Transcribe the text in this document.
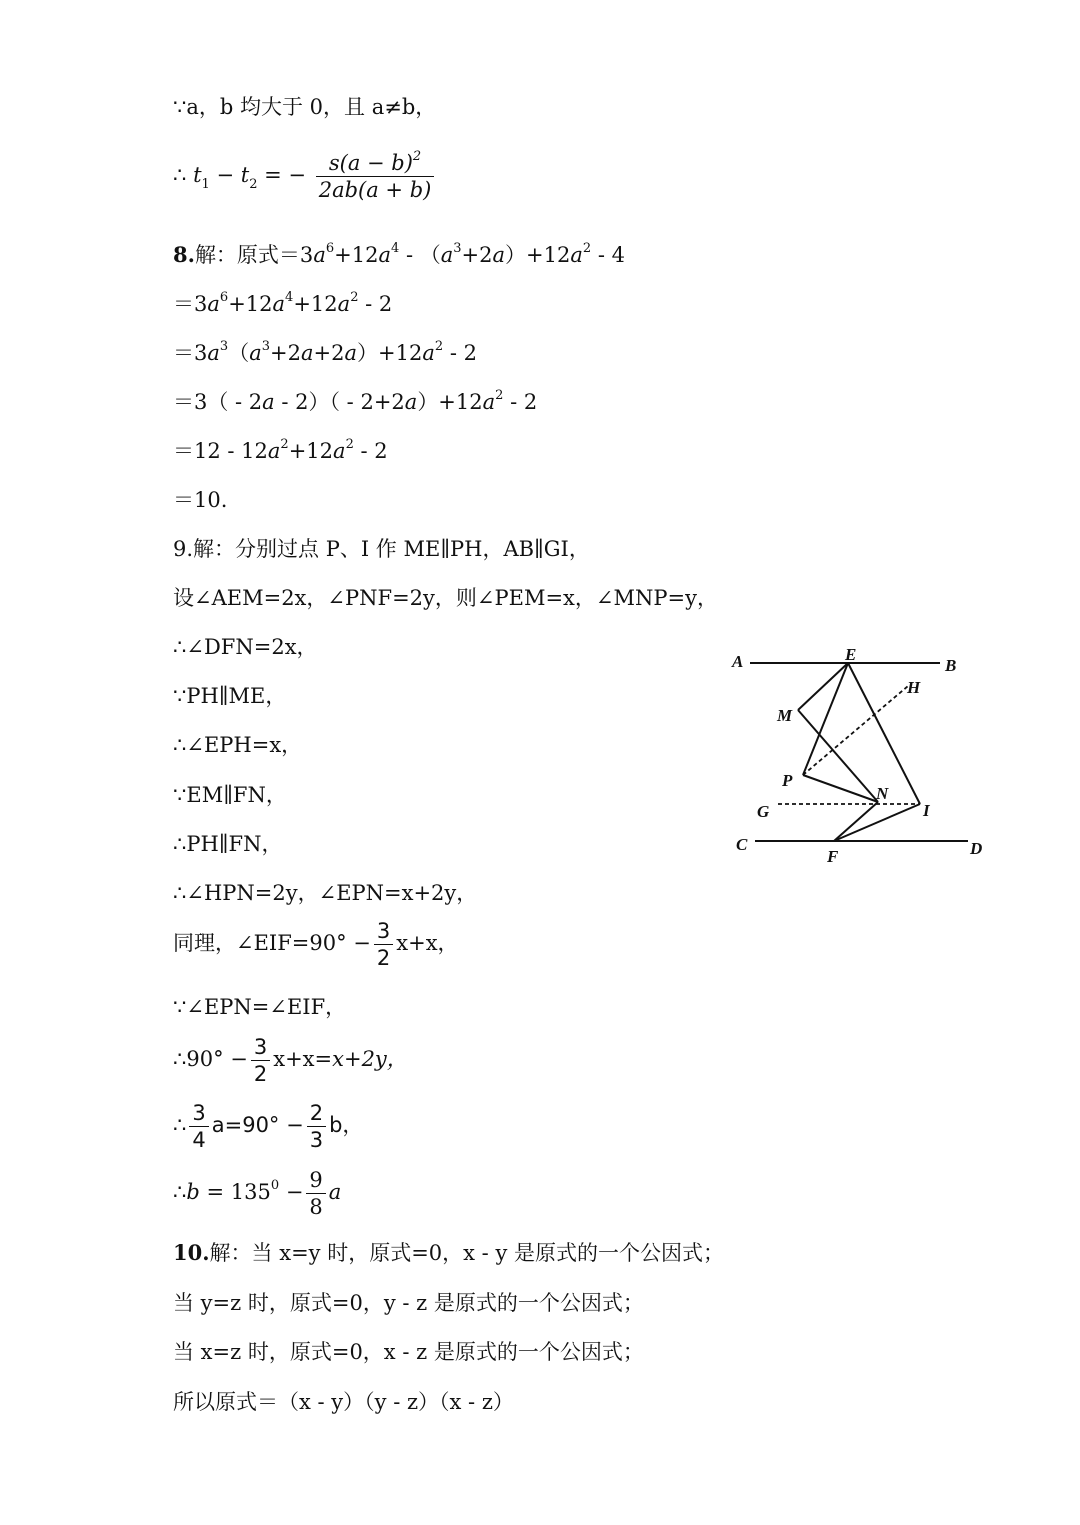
∵a，b 均大于 0，且 a≠b，
∴ $t_1 - t_2$ = − $\frac{s(a - b)^2}{2ab(a + b)}$
8.解：原式$=3a^6+12a^4 - (a^3+2a)+12a^2 - 4$
$=3a^6+12a^4+12a^2 - 2$
$=3a^3(a^3+2a+2a)+12a^2 - 2$
$=3( - 2a - 2)( - 2+2a)+12a^2 - 2$
$=12 - 12a^2+12a^2 - 2$
＝10.
9.解：分别过点 P、I 作 ME∥PH，AB∥GI，
设∠AEM=2x，∠PNF=2y，则∠PEM=x，∠MNP=y，
∴∠DFN=2x，
∵PH∥ME，
∴∠EPH=x，
∵EM∥FN，
∴PH∥FN，
∴∠HPN=2y，∠EPN=x+2y，
同理，∠EIF=90° − $\frac{3}{2} x+x$，
∵∠EPN=∠EIF，
∴90° − $\frac{3}{2} x+x=x+2y$，
∴ $\frac{3}{4} a=90^\circ - \frac{2}{3}$ b，
∴b = $135^0 - \frac{9}{8}$ a
10.解：当 x=y 时，原式=0，x - y 是原式的一个公因式；
当 y=z 时，原式=0，y - z 是原式的一个公因式；
当 x=z 时，原式=0，x - z 是原式的一个公因式；
所以原式＝（x - y）（y - z）（x - z）
A	B
C	D
E
F
G
H
I
M
N
P
